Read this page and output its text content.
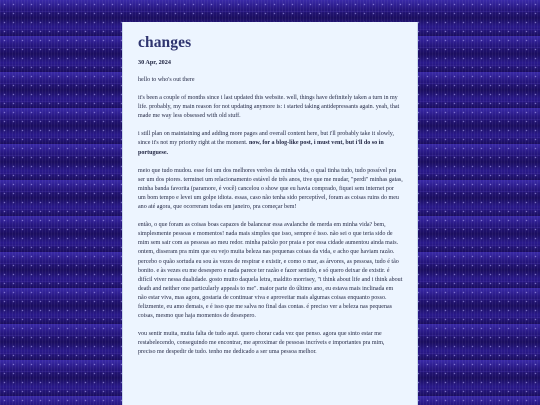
changes

30 Apr, 2024

hello to who's out there

it's been a couple of months since i last updated this website. well, things have definitely taken a turn in my life. probably, my main reason for not updating anymore is: i started taking antidepressants again. yeah, that made me way less obsessed with old stuff.

i still plan on maintaining and adding more pages and overall content here, but i'll probably take it slowly, since it's not my priority right at the moment. now, for a blog-like post, i must vent, but i'll do so in portuguese.

meio que tudo mudou. esse foi um dos melhores verões da minha vida, o qual tinha tudo, tudo possível pra ser um dos piores. terminei um relacionamento estável de três anos, tive que me mudar, "perdi" minhas gatas, minha banda favorita (paramore, é você) cancelou o show que eu havia comprado, fiquei sem internet por um bom tempo e levei um golpe idiota. essas, caso não tenha sido perceptível, foram as coisas ruins do meu ano até agora, que ocorreram todas em janeiro, pra começar bem!

então, o que foram as coisas boas capazes de balancear essa avalanche de merda em minha vida? bem, simplesmente pessoas e momentos! nada mais simples que isso, sempre é isso. não sei o que teria sido de mim sem sair com as pessoas ao meu redor. minha paixão por praia e por essa cidade aumentou ainda mais. ontem, disseram pra mim que eu vejo muita beleza nas pequenas coisas da vida, e acho que haviam razão. percebo o quão sortuda eu sou às vezes de respirar e existir, e como o mar, as árvores, as pessoas, tudo é tão bonito. e às vezes eu me desespero e nada parece ter razão e fazer sentido, e só quero deixar de existir. é difícil viver nessa dualidade. gosto muito daquela letra, maldito morrisey, "i think about life and i think about death and neither one particularly appeals to me". maior parte do último ano, eu estava mais inclinada em não estar viva, mas agora, gostaria de continuar viva e aproveitar mais algumas coisas enquanto posso. felizmente, eu amo demais, e é isso que me salva no final das contas. é preciso ver a beleza nas pequenas coisas, mesmo que haja momentos de desespero.

vou sentir muita, muita falta de tudo aqui. quero chorar cada vez que penso. agora que sinto estar me restabelecendo, conseguindo me encontrar, me aproximar de pessoas incríveis e importantes pra mim, preciso me despedir de tudo. tenho me dedicado a ser uma pessoa melhor.
